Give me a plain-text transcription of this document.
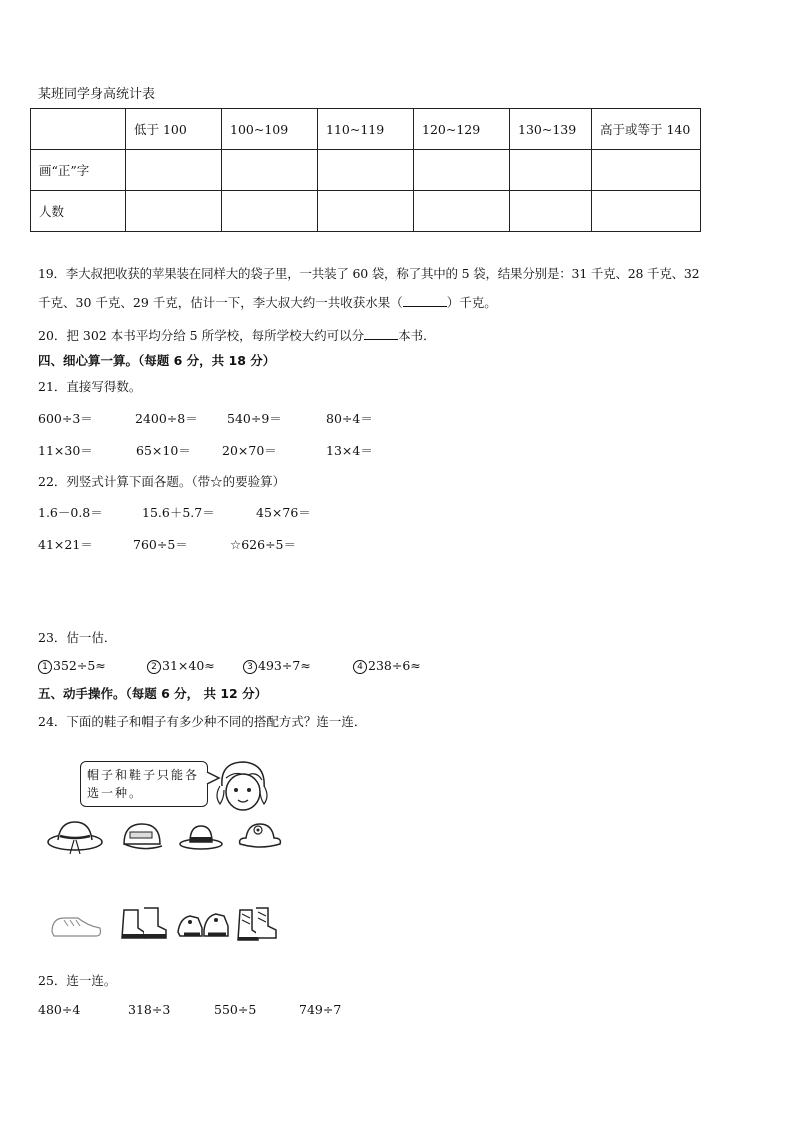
某班同学身高统计表
	低于 100	100~109	110~119	120~129	130~139	高于或等于 140
画“正”字						
人数						
19．李大叔把收获的苹果装在同样大的袋子里，一共装了 60 袋，称了其中的 5 袋，结果分别是：31 千克、28 千克、32
千克、30 千克、29 千克，估计一下，李大叔大约一共收获水果（	）千克。
20．把 302 本书平均分给 5 所学校，每所学校大约可以分	本书．
四、细心算一算。（每题 6 分，共 18 分）
21．直接写得数。
600÷3＝	2400÷8＝ 540÷9＝	80÷4＝
11×30＝	65×10＝ 20×70＝	13×4＝
22．列竖式计算下面各题。（带☆的要验算）
1.6－0.8＝	15.6＋5.7＝	45×76＝
41×21＝	760÷5＝	☆626÷5＝
23．估一估．
1 352÷5≈	2 31×40≈	3 493÷7≈	4 238÷6≈
五、动手操作。（每题 6 分， 共 12 分）
24．下面的鞋子和帽子有多少种不同的搭配方式？连一连．
帽子和鞋子只能各选一种。
25．连一连。
480÷4	318÷3	550÷5	749÷7
